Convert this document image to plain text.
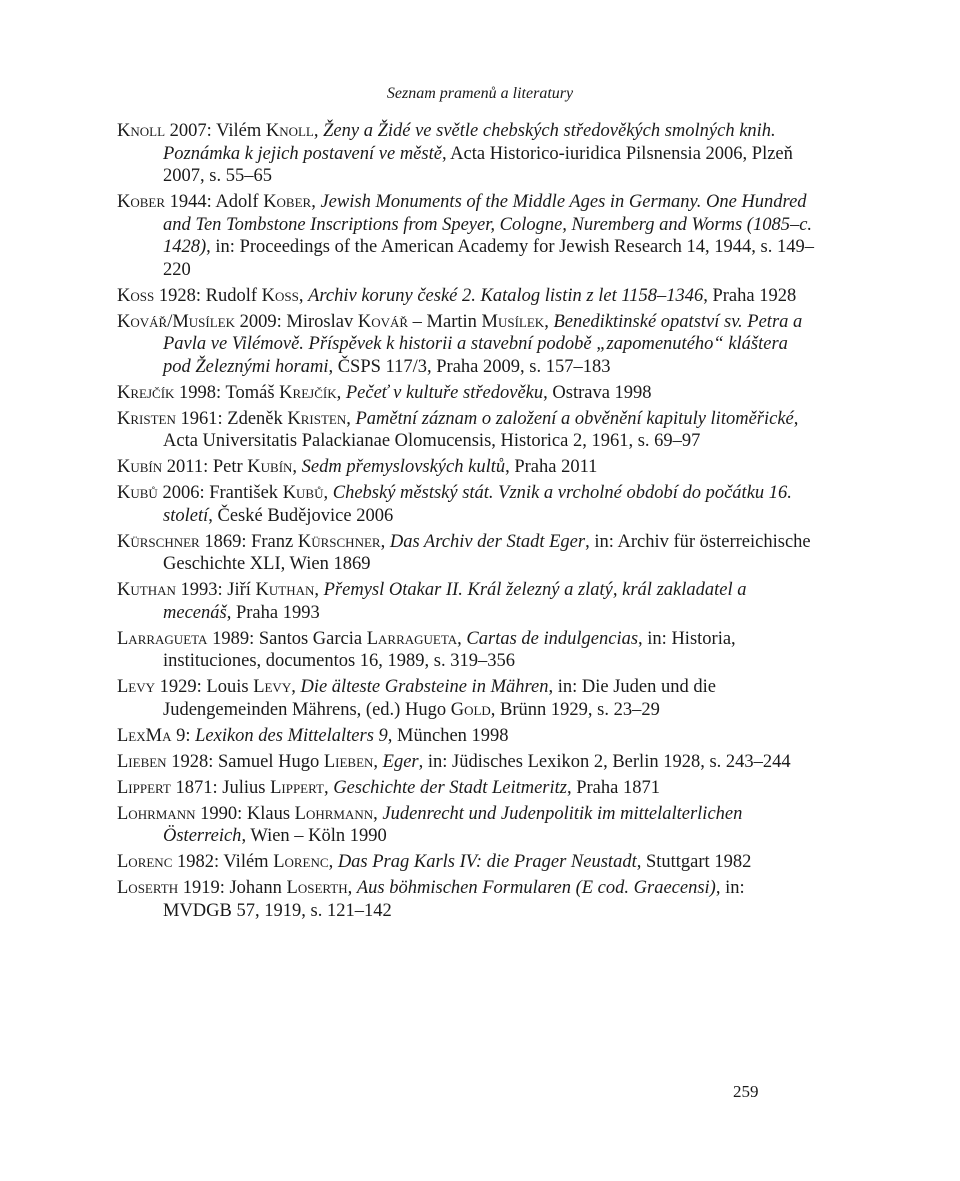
Seznam pramenů a literatury

Knoll 2007: Vilém Knoll, Ženy a Židé ve světle chebských středověkých smolných knih. Poznámka k jejich postavení ve městě, Acta Historico-iuridica Pilsnensia 2006, Plzeň 2007, s. 55–65

Kober 1944: Adolf Kober, Jewish Monuments of the Middle Ages in Germany. One Hundred and Ten Tombstone Inscriptions from Speyer, Cologne, Nuremberg and Worms (1085–c. 1428), in: Proceedings of the American Academy for Jewish Research 14, 1944, s. 149–220

Koss 1928: Rudolf Koss, Archiv koruny české 2. Katalog listin z let 1158–1346, Praha 1928

Kovář/Musílek 2009: Miroslav Kovář – Martin Musílek, Benediktinské opatství sv. Petra a Pavla ve Vilémově. Příspěvek k historii a stavební podobě „zapomenutého“ kláštera pod Železnými horami, ČSPS 117/3, Praha 2009, s. 157–183

Krejčík 1998: Tomáš Krejčík, Pečeť v kultuře středověku, Ostrava 1998

Kristen 1961: Zdeněk Kristen, Pamětní záznam o založení a obvěnění kapituly litoměřické, Acta Universitatis Palackianae Olomucensis, Historica 2, 1961, s. 69–97

Kubín 2011: Petr Kubín, Sedm přemyslovských kultů, Praha 2011

Kubů 2006: František Kubů, Chebský městský stát. Vznik a vrcholné období do počátku 16. století, České Budějovice 2006

Kürschner 1869: Franz Kürschner, Das Archiv der Stadt Eger, in: Archiv für österreichische Geschichte XLI, Wien 1869

Kuthan 1993: Jiří Kuthan, Přemysl Otakar II. Král železný a zlatý, král zakladatel a mecenáš, Praha 1993

Larragueta 1989: Santos Garcia Larragueta, Cartas de indulgencias, in: Historia, instituciones, documentos 16, 1989, s. 319–356

Levy 1929: Louis Levy, Die älteste Grabsteine in Mähren, in: Die Juden und die Judengemeinden Mährens, (ed.) Hugo Gold, Brünn 1929, s. 23–29

LexMa 9: Lexikon des Mittelalters 9, München 1998

Lieben 1928: Samuel Hugo Lieben, Eger, in: Jüdisches Lexikon 2, Berlin 1928, s. 243–244

Lippert 1871: Julius Lippert, Geschichte der Stadt Leitmeritz, Praha 1871

Lohrmann 1990: Klaus Lohrmann, Judenrecht und Judenpolitik im mittelalterlichen Österreich, Wien – Köln 1990

Lorenc 1982: Vilém Lorenc, Das Prag Karls IV: die Prager Neustadt, Stuttgart 1982

Loserth 1919: Johann Loserth, Aus böhmischen Formularen (E cod. Graecensi), in: MVDGB 57, 1919, s. 121–142

259
